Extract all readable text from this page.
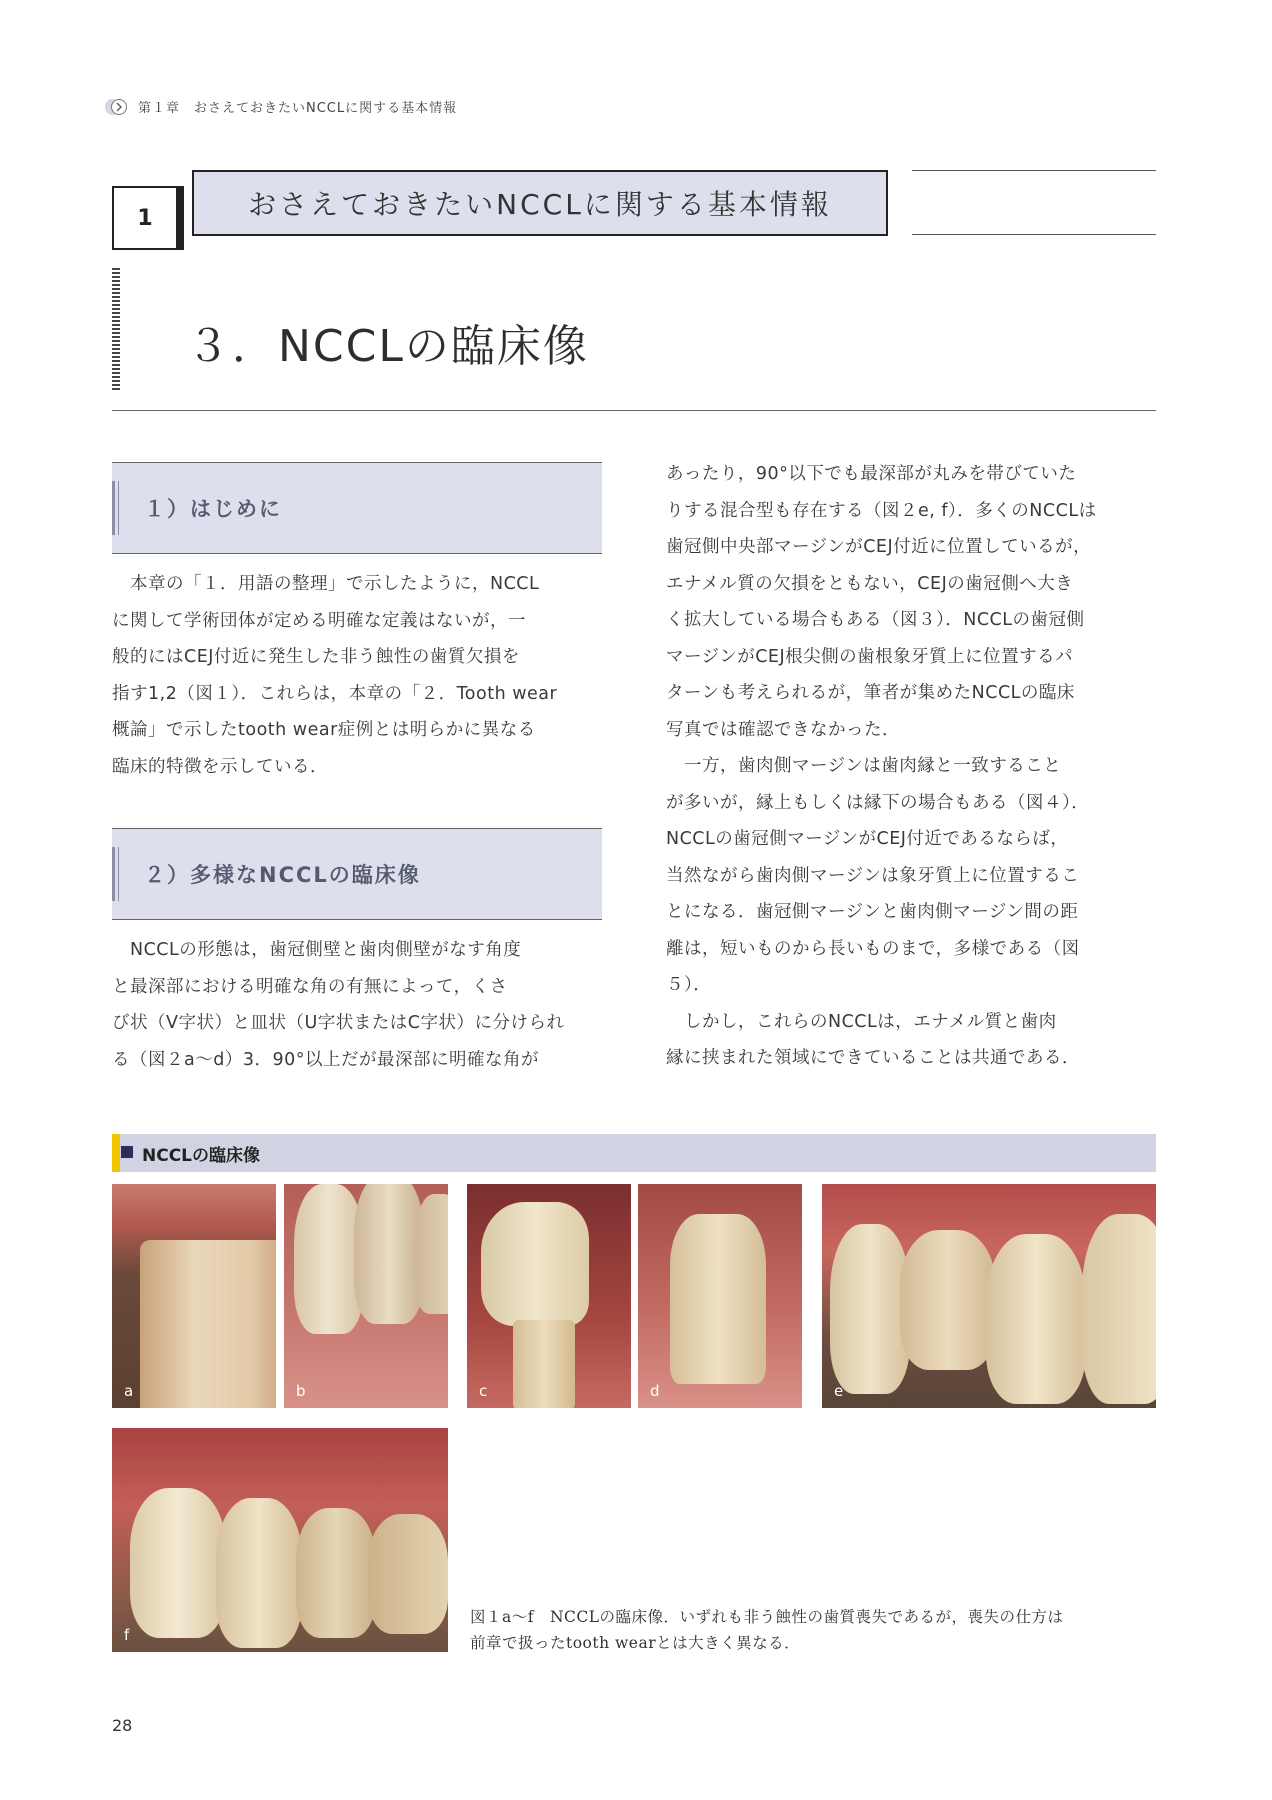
第１章　おさえておきたいNCCLに関する基本情報
1	おさえておきたいNCCLに関する基本情報
３．NCCLの臨床像
１）はじめに
　本章の「１．用語の整理」で示したように，NCCL
に関して学術団体が定める明確な定義はないが，一
般的にはCEJ付近に発生した非う蝕性の歯質欠損を
指す1,2（図１）．これらは，本章の「２．Tooth wear
概論」で示したtooth wear症例とは明らかに異なる
臨床的特徴を示している．
２）多様なNCCLの臨床像
　NCCLの形態は，歯冠側壁と歯肉側壁がなす角度
と最深部における明確な角の有無によって，くさ
び状（V字状）と皿状（U字状またはC字状）に分けられ
る（図２a〜d）3．90°以上だが最深部に明確な角が
あったり，90°以下でも最深部が丸みを帯びていた
りする混合型も存在する（図２e, f）．多くのNCCLは
歯冠側中央部マージンがCEJ付近に位置しているが，
エナメル質の欠損をともない，CEJの歯冠側へ大き
く拡大している場合もある（図３）．NCCLの歯冠側
マージンがCEJ根尖側の歯根象牙質上に位置するパ
ターンも考えられるが，筆者が集めたNCCLの臨床
写真では確認できなかった．
　一方，歯肉側マージンは歯肉縁と一致すること
が多いが，縁上もしくは縁下の場合もある（図４）．
NCCLの歯冠側マージンがCEJ付近であるならば，
当然ながら歯肉側マージンは象牙質上に位置するこ
とになる．歯冠側マージンと歯肉側マージン間の距
離は，短いものから長いものまで，多様である（図
５）．
　しかし，これらのNCCLは，エナメル質と歯肉
縁に挟まれた領域にできていることは共通である．
NCCLの臨床像
a	b	c	d	e
f
図１a〜f　NCCLの臨床像．いずれも非う蝕性の歯質喪失であるが，喪失の仕方は
前章で扱ったtooth wearとは大きく異なる．
28
